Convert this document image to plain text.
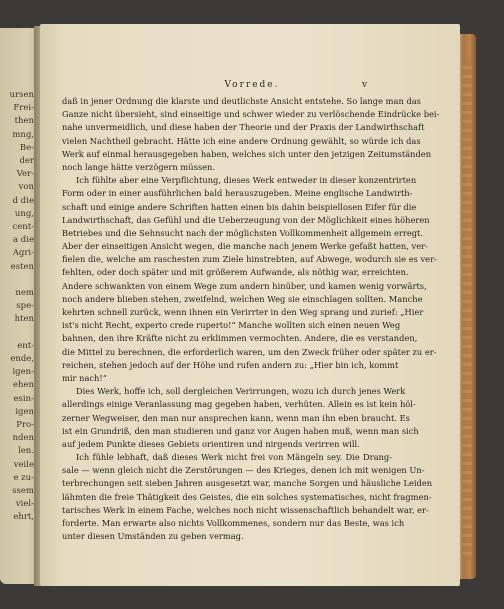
ursen
Frei-
then
mng,
Be-
der
Ver-
von
d die
ung,
cent-
a die
Agri-
esten
nem
spe-
hten
ent-
ende,
igen-
ehen
esin-
igen
Pro-
nden
len.
veile
e zu-
ssem
viel-
ehrt,
Vorrede.	v
daß in jener Ordnung die klarste und deutlichste Ansicht entstehe. So lange man das
Ganze nicht übersieht, sind einseitige und schwer wieder zu verlöschende Eindrücke bei-
nahe unvermeidlich, und diese haben der Theorie und der Praxis der Landwirthschaft
vielen Nachtheil gebracht. Hätte ich eine andere Ordnung gewählt, so würde ich das
Werk auf einmal herausgegeben haben, welches sich unter den jetzigen Zeitumständen
noch lange hätte verzögern müssen.
Ich fühlte aber eine Verpflichtung, dieses Werk entweder in dieser konzentrirten
Form oder in einer ausführlichen bald herauszugeben. Meine englische Landwirth-
schaft und einige andere Schriften hatten einen bis dahin beispiellosen Eifer für die
Landwirthschaft, das Gefühl und die Ueberzeugung von der Möglichkeit eines höheren
Betriebes und die Sehnsucht nach der möglichsten Vollkommenheit allgemein erregt.
Aber der einseitigen Ansicht wegen, die manche nach jenem Werke gefaßt hatten, ver-
fielen die, welche am raschesten zum Ziele hinstrebten, auf Abwege, wodurch sie es ver-
fehlten, oder doch später und mit größerem Aufwande, als nöthig war, erreichten.
Andere schwankten von einem Wege zum andern hinüber, und kamen wenig vorwärts,
noch andere blieben stehen, zweifelnd, welchen Weg sie einschlagen sollten. Manche
kehrten schnell zurück, wenn ihnen ein Verirrter in den Weg sprang und zurief: „Hier
ist's nicht Recht, experto crede ruperto!“ Manche wollten sich einen neuen Weg
bahnen, den ihre Kräfte nicht zu erklimmen vermochten. Andere, die es verstanden,
die Mittel zu berechnen, die erforderlich waren, um den Zweck früher oder später zu er-
reichen, stehen jedoch auf der Höhe und rufen andern zu: „Hier bin ich, kommt
mir nach!“
Dies Werk, hoffe ich, soll dergleichen Verirrungen, wozu ich durch jenes Werk
allerdings einige Veranlassung mag gegeben haben, verhüten. Allein es ist kein höl-
zerner Wegweiser, den man nur ansprechen kann, wenn man ihn eben braucht. Es
ist ein Grundriß, den man studieren und ganz vor Augen haben muß, wenn man sich
auf jedem Punkte dieses Gebiets orientiren und nirgends verirren will.
Ich fühle lebhaft, daß dieses Werk nicht frei von Mängeln sey. Die Drang-
sale — wenn gleich nicht die Zerstörungen — des Krieges, denen ich mit wenigen Un-
terbrechungen seit sieben Jahren ausgesetzt war, manche Sorgen und häusliche Leiden
lähmten die freie Thätigkeit des Geistes, die ein solches systematisches, nicht fragmen-
tarisches Werk in einem Fache, welches noch nicht wissenschaftlich behandelt war, er-
forderte. Man erwarte also nichts Vollkommenes, sondern nur das Beste, was ich
unter diesen Umständen zu geben vermag.
